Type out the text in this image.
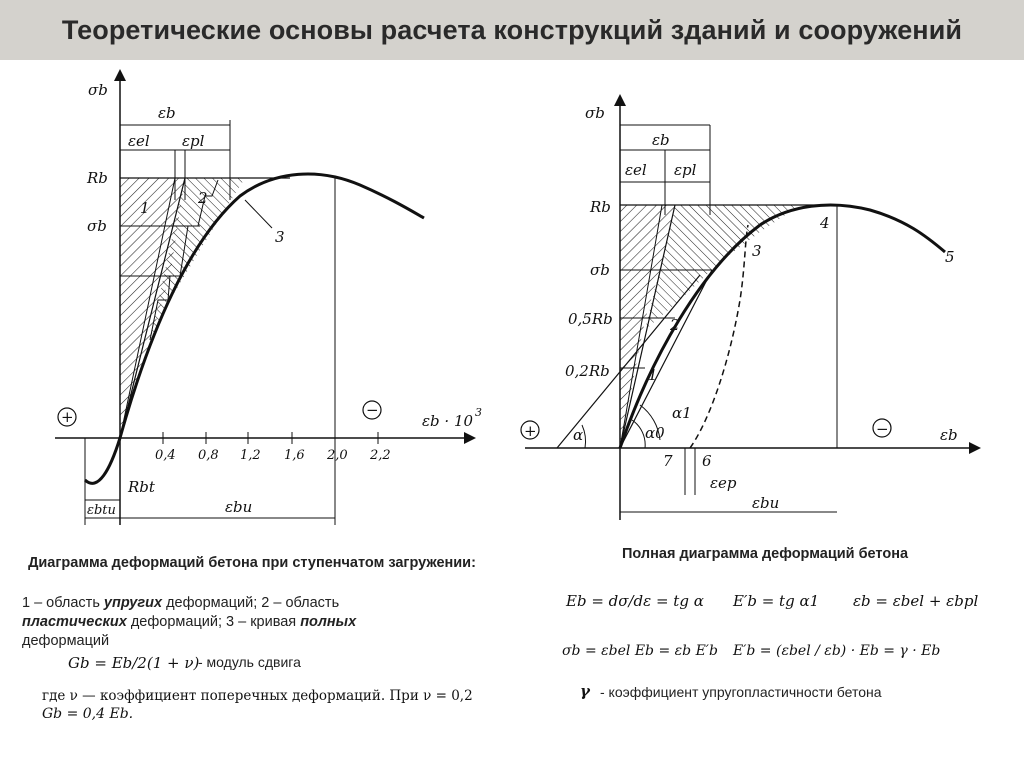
Теоретические основы расчета конструкций зданий и сооружений
σb
εb
εel εpl
Rb
σb
1
2
3
Rbt
εbtu	εbu
εb · 10 3
+	−
0,4 0,8 1,2 1,6 2,0 2,2
σb
εb
εel εpl
Rb
σb
0,5Rb
0,2Rb
εb
+	−
α	α0
α1
εep
εbu
1
2
3
4
5
6
7
Диаграмма деформаций бетона при ступенчатом загружении:
1 – область упругих деформаций; 2 – область
пластических деформаций; 3 – кривая полных
деформаций
Gb = Eb/2(1 + ν)
- модуль сдвига
где ν — коэффициент поперечных деформаций. При ν = 0,2
Gb = 0,4 Eb.
Полная диаграмма деформаций бетона
Eb = dσ/dε = tg α E′b = tg α1 εb = εbel + εbpl
σb = εbel Eb = εb E′b E′b = (εbel / εb) · Eb = γ · Eb
γ - коэффициент упругопластичности бетона
